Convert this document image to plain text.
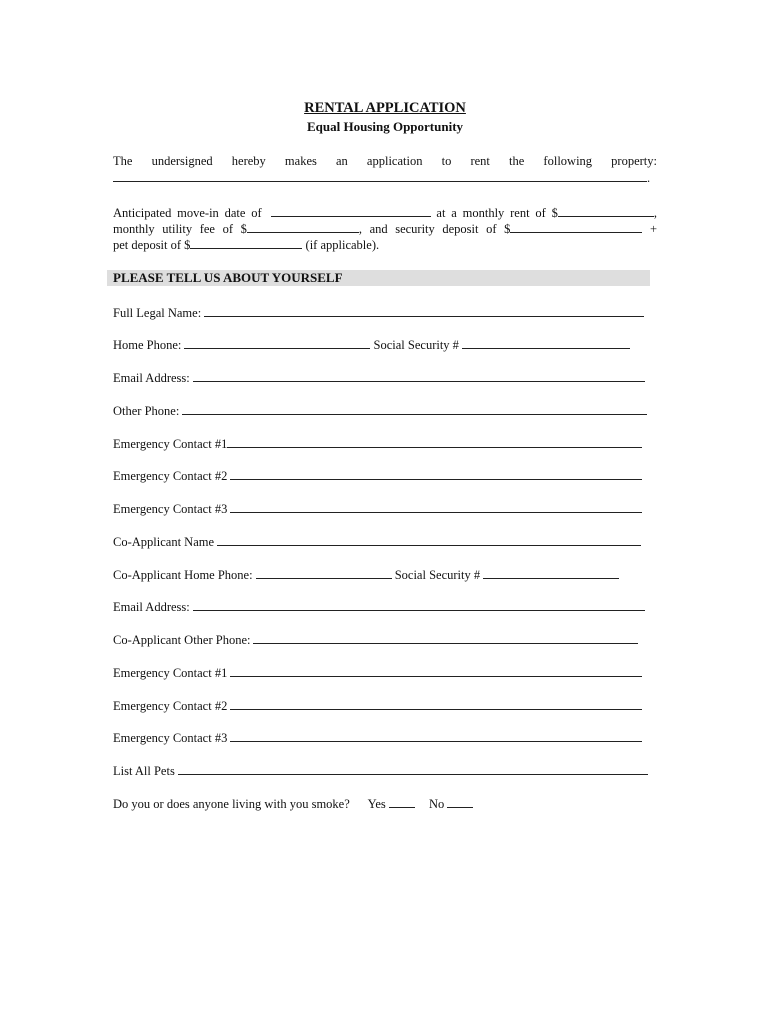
RENTAL APPLICATION
Equal Housing Opportunity
The undersigned hereby makes an application to rent the following property:
.
Anticipated move-in date of	at a monthly rent of $	,
monthly utility fee of $	, and security deposit of $	+
pet deposit of $	(if applicable).
PLEASE TELL US ABOUT YOURSELF
Full Legal Name:
Home Phone:	Social Security #
Email Address:
Other Phone:
Emergency Contact #1
Emergency Contact #2
Emergency Contact #3
Co-Applicant Name
Co-Applicant Home Phone:	Social Security #
Email Address:
Co-Applicant Other Phone:
Emergency Contact #1
Emergency Contact #2
Emergency Contact #3
List All Pets
Do you or does anyone living with you smoke? Yes	No
